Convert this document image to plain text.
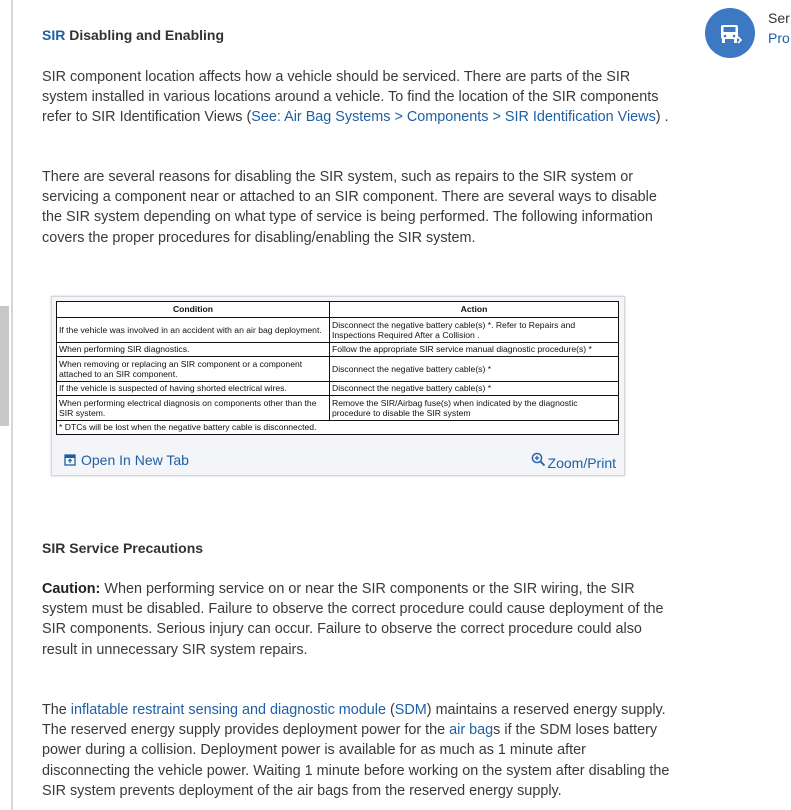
SIR Disabling and Enabling

SIR component location affects how a vehicle should be serviced. There are parts of the SIR system installed in various locations around a vehicle. To find the location of the SIR components refer to SIR Identification Views (See: Air Bag Systems > Components > SIR Identification Views) .

There are several reasons for disabling the SIR system, such as repairs to the SIR system or servicing a component near or attached to an SIR component. There are several ways to disable the SIR system depending on what type of service is being performed. The following information covers the proper procedures for disabling/enabling the SIR system.

SIR Service Precautions

Caution: When performing service on or near the SIR components or the SIR wiring, the SIR system must be disabled. Failure to observe the correct procedure could cause deployment of the SIR components. Serious injury can occur. Failure to observe the correct procedure could also result in unnecessary SIR system repairs.

The inflatable restraint sensing and diagnostic module (SDM) maintains a reserved energy supply. The reserved energy supply provides deployment power for the air bags if the SDM loses battery power during a collision. Deployment power is available for as much as 1 minute after disconnecting the vehicle power. Waiting 1 minute before working on the system after disabling the SIR system prevents deployment of the air bags from the reserved energy supply.

Condition	Action
If the vehicle was involved in an accident with an air bag deployment.	Disconnect the negative battery cable(s) *. Refer to Repairs and Inspections Required After a Collision .
When performing SIR diagnostics.	Follow the appropriate SIR service manual diagnostic procedure(s) *
When removing or replacing an SIR component or a component attached to an SIR component.	Disconnect the negative battery cable(s) *
If the vehicle is suspected of having shorted electrical wires.	Disconnect the negative battery cable(s) *
When performing electrical diagnosis on components other than the SIR system.	Remove the SIR/Airbag fuse(s) when indicated by the diagnostic procedure to disable the SIR system
* DTCs will be lost when the negative battery cable is disconnected.	
Open In New Tab	Zoom/Print
Ser
Pro
